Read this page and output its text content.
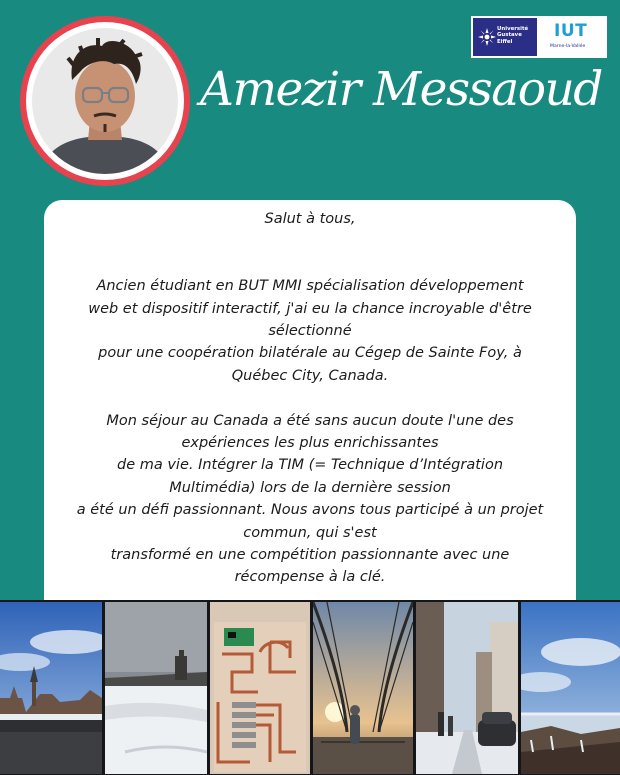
Amezir Messaoud
Université
Gustave
Eiffel
IUT
Marne-la-Vallée

Salut à tous,

Ancien étudiant en BUT MMI spécialisation développement

web et dispositif interactif, j'ai eu la chance incroyable d'être

sélectionné

pour une coopération bilatérale au Cégep de Sainte Foy, à

Québec City, Canada.

Mon séjour au Canada a été sans aucun doute l'une des

expériences les plus enrichissantes

de ma vie. Intégrer la TIM (= Technique d’Intégration

Multimédia) lors de la dernière session

a été un défi passionnant. Nous avons tous participé à un projet

commun, qui s'est

transformé en une compétition passionnante avec une

récompense à la clé.
